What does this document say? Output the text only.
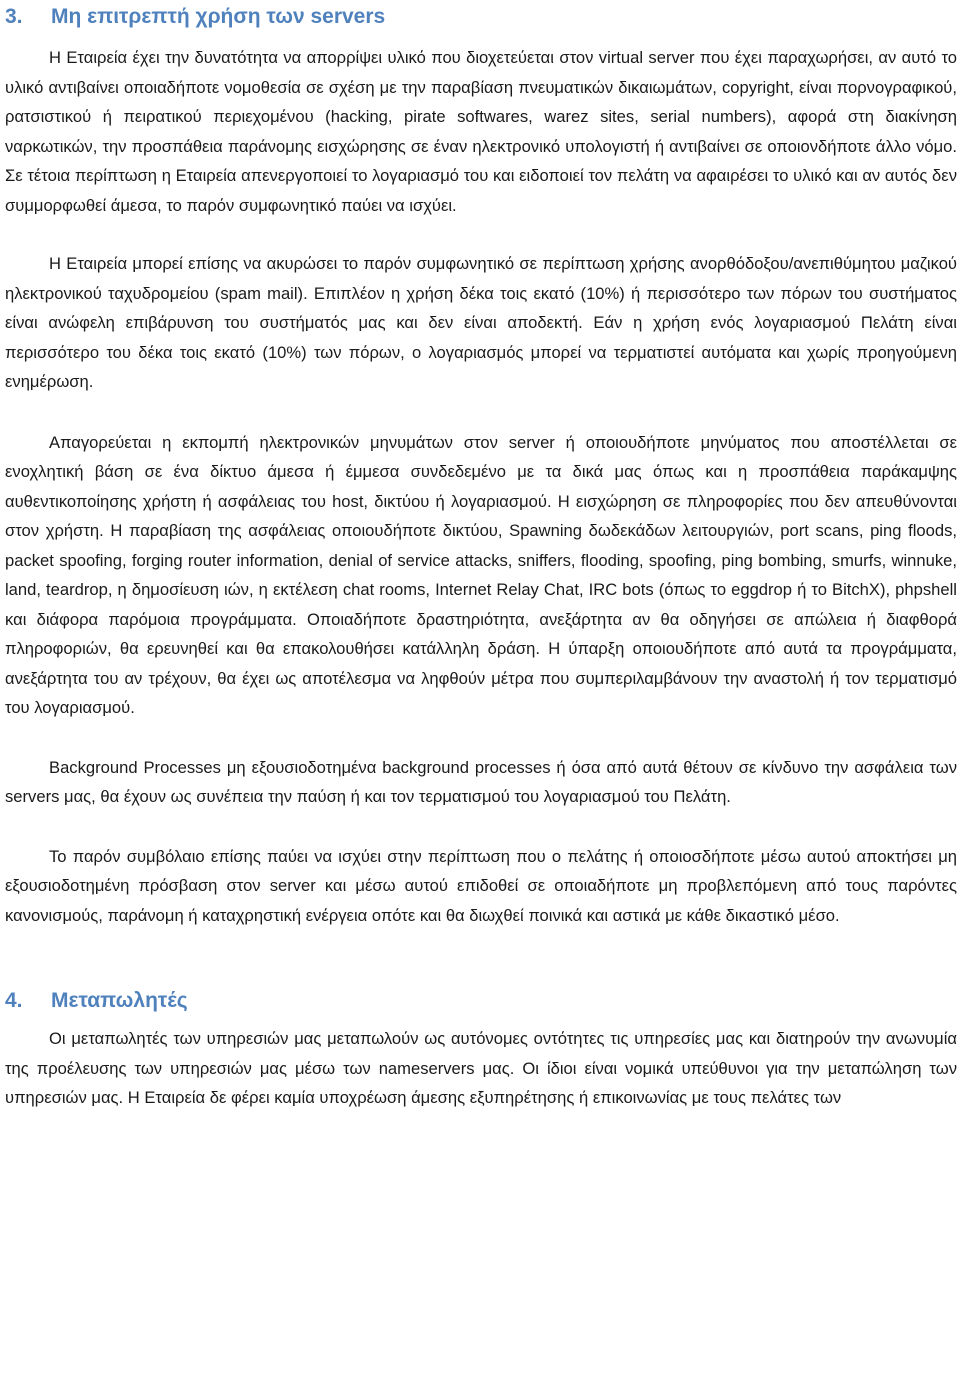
3. Μη επιτρεπτή χρήση των servers

Η Εταιρεία έχει την δυνατότητα να απορρίψει υλικό που διοχετεύεται στον virtual server που έχει παραχωρήσει, αν αυτό το υλικό αντιβαίνει οποιαδήποτε νομοθεσία σε σχέση με την παραβίαση πνευματικών δικαιωμάτων, copyright, είναι πορνογραφικού, ρατσιστικού ή πειρατικού περιεχομένου (hacking, pirate softwares, warez sites, serial numbers), αφορά στη διακίνηση ναρκωτικών, την προσπάθεια παράνομης εισχώρησης σε έναν ηλεκτρονικό υπολογιστή ή αντιβαίνει σε οποιονδήποτε άλλο νόμο. Σε τέτοια περίπτωση η Εταιρεία απενεργοποιεί το λογαριασμό του και ειδοποιεί τον πελάτη να αφαιρέσει το υλικό και αν αυτός δεν συμμορφωθεί άμεσα, το παρόν συμφωνητικό παύει να ισχύει.

Η Εταιρεία μπορεί επίσης να ακυρώσει το παρόν συμφωνητικό σε περίπτωση χρήσης ανορθόδοξου/ανεπιθύμητου μαζικού ηλεκτρονικού ταχυδρομείου (spam mail). Επιπλέον η χρήση δέκα τοις εκατό (10%) ή περισσότερο των πόρων του συστήματος είναι ανώφελη επιβάρυνση του συστήματός μας και δεν είναι αποδεκτή. Εάν η χρήση ενός λογαριασμού Πελάτη είναι περισσότερο του δέκα τοις εκατό (10%) των πόρων, ο λογαριασμός μπορεί να τερματιστεί αυτόματα και χωρίς προηγούμενη ενημέρωση.

Απαγορεύεται η εκπομπή ηλεκτρονικών μηνυμάτων στον server ή οποιουδήποτε μηνύματος που αποστέλλεται σε ενοχλητική βάση σε ένα δίκτυο άμεσα ή έμμεσα συνδεδεμένο με τα δικά μας όπως και η προσπάθεια παράκαμψης αυθεντικοποίησης χρήστη ή ασφάλειας του host, δικτύου ή λογαριασμού. Η εισχώρηση σε πληροφορίες που δεν απευθύνονται στον χρήστη. Η παραβίαση της ασφάλειας οποιουδήποτε δικτύου, Spawning δωδεκάδων λειτουργιών, port scans, ping floods, packet spoofing, forging router information, denial of service attacks, sniffers, flooding, spoofing, ping bombing, smurfs, winnuke, land, teardrop, η δημοσίευση ιών, η εκτέλεση chat rooms, Internet Relay Chat, IRC bots (όπως το eggdrop ή το BitchX), phpshell και διάφορα παρόμοια προγράμματα. Οποιαδήποτε δραστηριότητα, ανεξάρτητα αν θα οδηγήσει σε απώλεια ή διαφθορά πληροφοριών, θα ερευνηθεί και θα επακολουθήσει κατάλληλη δράση. Η ύπαρξη οποιουδήποτε από αυτά τα προγράμματα, ανεξάρτητα του αν τρέχουν, θα έχει ως αποτέλεσμα να ληφθούν μέτρα που συμπεριλαμβάνουν την αναστολή ή τον τερματισμό του λογαριασμού.

Background Processes μη εξουσιοδοτημένα background processes ή όσα από αυτά θέτουν σε κίνδυνο την ασφάλεια των servers μας, θα έχουν ως συνέπεια την παύση ή και τον τερματισμού του λογαριασμού του Πελάτη.

Το παρόν συμβόλαιο επίσης παύει να ισχύει στην περίπτωση που ο πελάτης ή οποιοσδήποτε μέσω αυτού αποκτήσει μη εξουσιοδοτημένη πρόσβαση στον server και μέσω αυτού επιδοθεί σε οποιαδήποτε μη προβλεπόμενη από τους παρόντες κανονισμούς, παράνομη ή καταχρηστική ενέργεια οπότε και θα διωχθεί ποινικά και αστικά με κάθε δικαστικό μέσο.

4. Μεταπωλητές

Οι μεταπωλητές των υπηρεσιών μας μεταπωλούν ως αυτόνομες οντότητες τις υπηρεσίες μας και διατηρούν την ανωνυμία της προέλευσης των υπηρεσιών μας μέσω των nameservers μας. Οι ίδιοι είναι νομικά υπεύθυνοι για την μεταπώληση των υπηρεσιών μας. Η Εταιρεία δε φέρει καμία υποχρέωση άμεσης εξυπηρέτησης ή επικοινωνίας με τους πελάτες των
